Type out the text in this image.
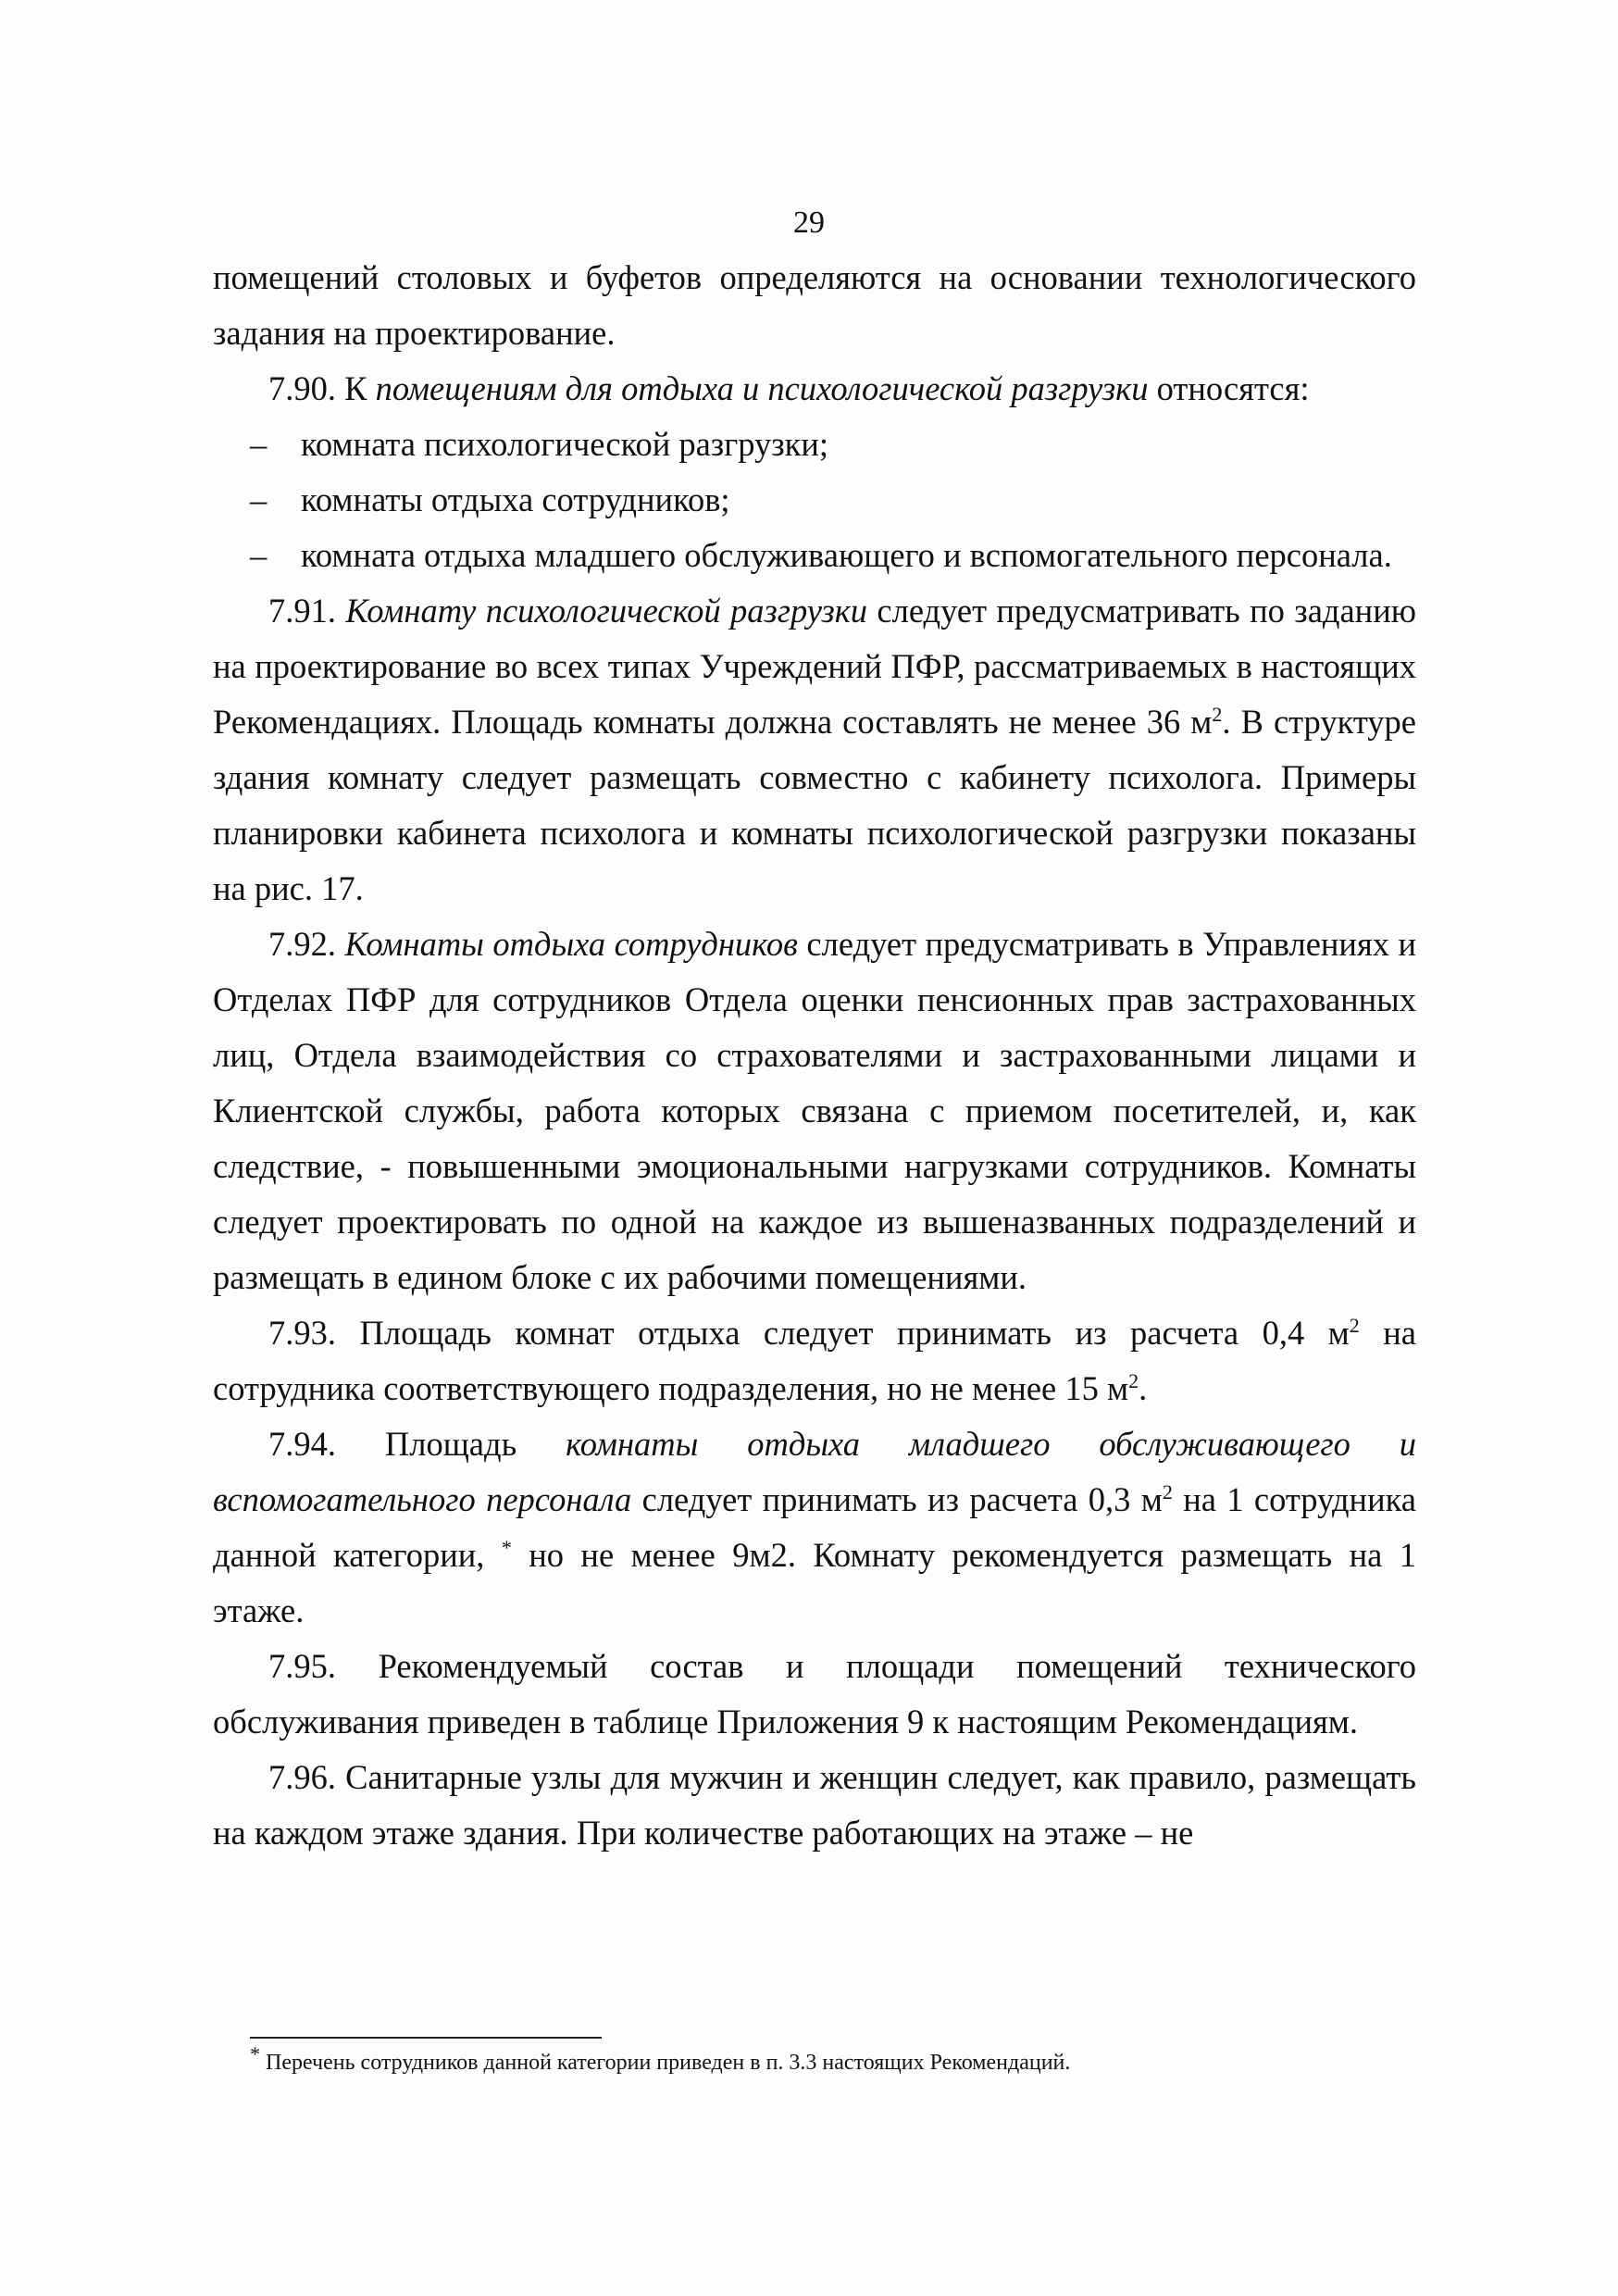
29

помещений столовых и буфетов определяются на основании технологического задания на проектирование.

7.90. К помещениям для отдыха и психологической разгрузки относятся:

– комната психологической разгрузки;

– комнаты отдыха сотрудников;

– комната отдыха младшего обслуживающего и вспомогательного персонала.

7.91. Комнату психологической разгрузки следует предусматривать по заданию на проектирование во всех типах Учреждений ПФР, рассматриваемых в настоящих Рекомендациях. Площадь комнаты должна составлять не менее 36 $м^2$. В структуре здания комнату следует размещать совместно с кабинету психолога. Примеры планировки кабинета психолога и комнаты психологической разгрузки показаны на рис. 17.

7.92. Комнаты отдыха сотрудников следует предусматривать в Управлениях и Отделах ПФР для сотрудников Отдела оценки пенсионных прав застрахованных лиц, Отдела взаимодействия со страхователями и застрахованными лицами и Клиентской службы, работа которых связана с приемом посетителей, и, как следствие, - повышенными эмоциональными нагрузками сотрудников. Комнаты следует проектировать по одной на каждое из вышеназванных подразделений и размещать в едином блоке с их рабочими помещениями.

7.93. Площадь комнат отдыха следует принимать из расчета 0,4 $м^2$ на сотрудника соответствующего подразделения, но не менее 15 $м^2$.

7.94. Площадь комнаты отдыха младшего обслуживающего и вспомогательного персонала следует принимать из расчета 0,3 $м^2$ на 1 сотрудника данной категории, * но не менее 9м2. Комнату рекомендуется размещать на 1 этаже.

7.95. Рекомендуемый состав и площади помещений технического обслуживания приведен в таблице Приложения 9 к настоящим Рекомендациям.

7.96. Санитарные узлы для мужчин и женщин следует, как правило, размещать на каждом этаже здания. При количестве работающих на этаже – не

* Перечень сотрудников данной категории приведен в п. 3.3 настоящих Рекомендаций.
